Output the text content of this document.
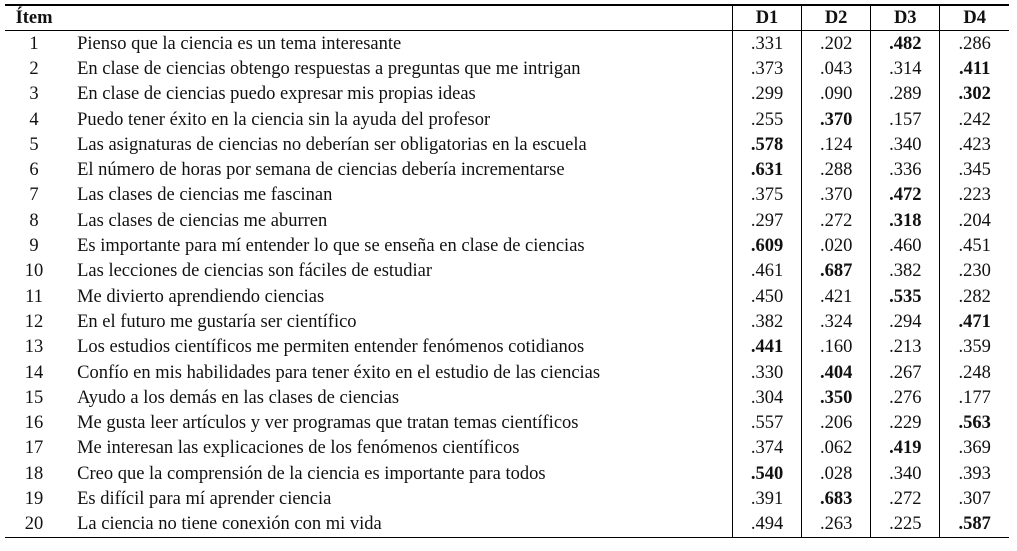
Ítem		D1	D2	D3	D4
1	Pienso que la ciencia es un tema interesante	.331	.202	.482	.286
2	En clase de ciencias obtengo respuestas a preguntas que me intrigan	.373	.043	.314	.411
3	En clase de ciencias puedo expresar mis propias ideas	.299	.090	.289	.302
4	Puedo tener éxito en la ciencia sin la ayuda del profesor	.255	.370	.157	.242
5	Las asignaturas de ciencias no deberían ser obligatorias en la escuela	.578	.124	.340	.423
6	El número de horas por semana de ciencias debería incrementarse	.631	.288	.336	.345
7	Las clases de ciencias me fascinan	.375	.370	.472	.223
8	Las clases de ciencias me aburren	.297	.272	.318	.204
9	Es importante para mí entender lo que se enseña en clase de ciencias	.609	.020	.460	.451
10	Las lecciones de ciencias son fáciles de estudiar	.461	.687	.382	.230
11	Me divierto aprendiendo ciencias	.450	.421	.535	.282
12	En el futuro me gustaría ser científico	.382	.324	.294	.471
13	Los estudios científicos me permiten entender fenómenos cotidianos	.441	.160	.213	.359
14	Confío en mis habilidades para tener éxito en el estudio de las ciencias	.330	.404	.267	.248
15	Ayudo a los demás en las clases de ciencias	.304	.350	.276	.177
16	Me gusta leer artículos y ver programas que tratan temas científicos	.557	.206	.229	.563
17	Me interesan las explicaciones de los fenómenos científicos	.374	.062	.419	.369
18	Creo que la comprensión de la ciencia es importante para todos	.540	.028	.340	.393
19	Es difícil para mí aprender ciencia	.391	.683	.272	.307
20	La ciencia no tiene conexión con mi vida	.494	.263	.225	.587
